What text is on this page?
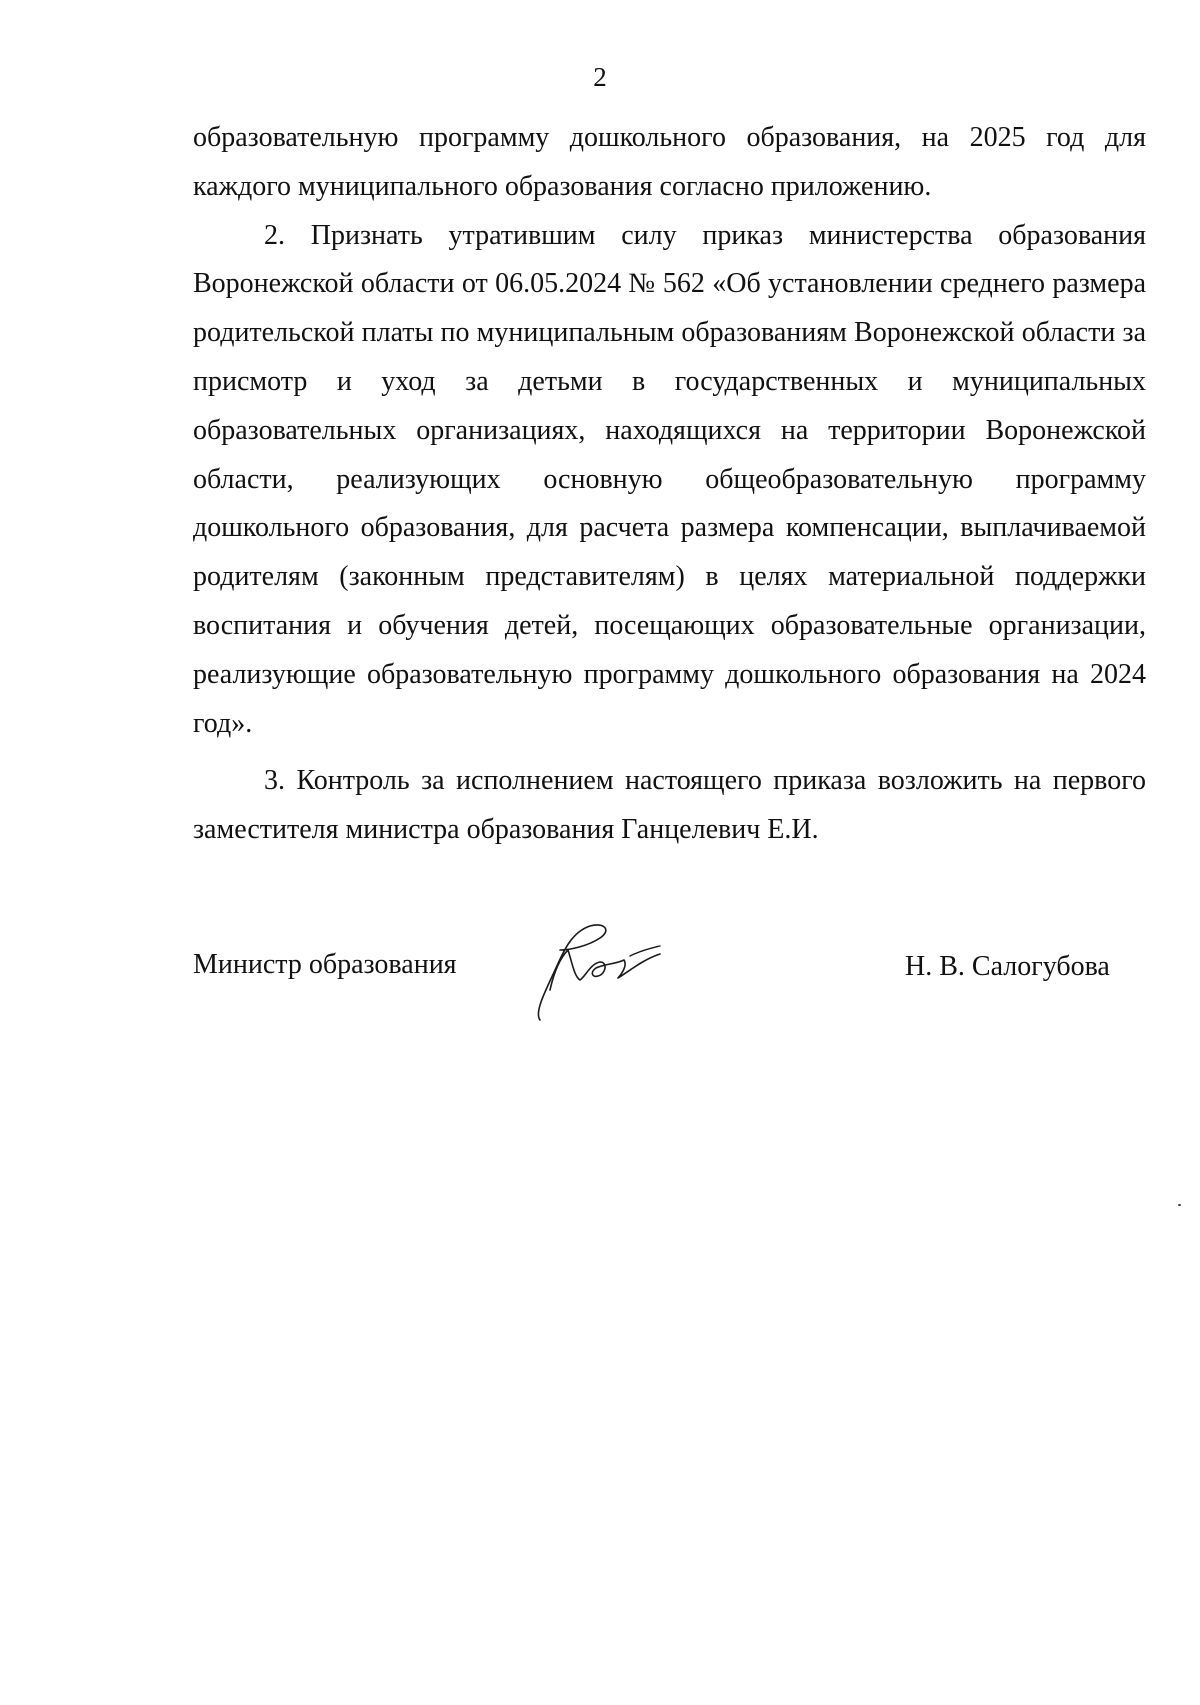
2

образовательную программу дошкольного образования, на 2025 год для каждого муниципального образования согласно приложению.

2. Признать утратившим силу приказ министерства образования Воронежской области от 06.05.2024 № 562 «Об установлении среднего размера родительской платы по муниципальным образованиям Воронежской области за присмотр и уход за детьми в государственных и муниципальных образовательных организациях, находящихся на территории Воронежской области, реализующих основную общеобразовательную программу дошкольного образования, для расчета размера компенсации, выплачиваемой родителям (законным представителям) в целях материальной поддержки воспитания и обучения детей, посещающих образовательные организации, реализующие образовательную программу дошкольного образования на 2024 год».

3. Контроль за исполнением настоящего приказа возложить на первого заместителя министра образования Ганцелевич Е.И.

Министр образования	Н. В. Салогубова
